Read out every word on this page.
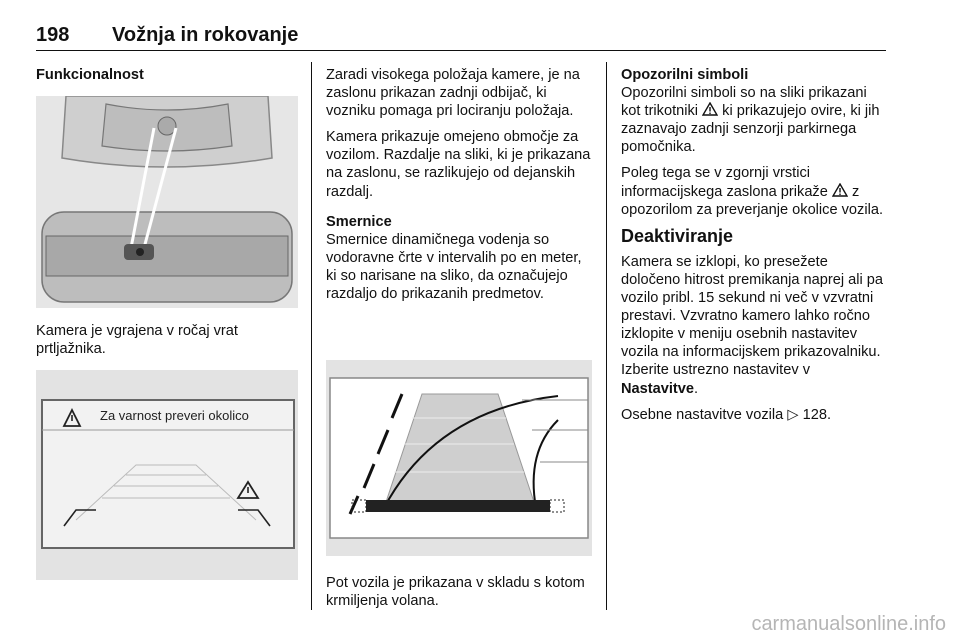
198 Vožnja in rokovanje
Funkcionalnost

Kamera je vgrajena v ročaj vrat prtljažnika.

Za varnost preveri okolico

Zaradi visokega položaja kamere, je na zaslonu prikazan zadnji odbijač, ki vozniku pomaga pri lociranju položaja.

Kamera prikazuje omejeno območje za vozilom. Razdalje na sliki, ki je prikazana na zaslonu, se razlikujejo od dejanskih razdalj.

Smernice

Smernice dinamičnega vodenja so vodoravne črte v intervalih po en meter, ki so narisane na sliko, da označujejo razdaljo do prikazanih predmetov.

Pot vozila je prikazana v skladu s kotom krmiljenja volana.

Opozorilni simboli

Opozorilni simboli so na sliki prikazani kot trikotniki ki prikazujejo ovire, ki jih zaznavajo zadnji senzorji parkirnega pomočnika.

Poleg tega se v zgornji vrstici informacijskega zaslona prikaže z opozorilom za preverjanje okolice vozila.

Deaktiviranje

Kamera se izklopi, ko presežete določeno hitrost premikanja naprej ali pa vozilo pribl. 15 sekund ni več v vzvratni prestavi. Vzvratno kamero lahko ročno izklopite v meniju osebnih nastavitev vozila na informacijskem prikazovalniku. Izberite ustrezno nastavitev v Nastavitve.

Osebne nastavitve vozila ▷ 128.

carmanualsonline.info
